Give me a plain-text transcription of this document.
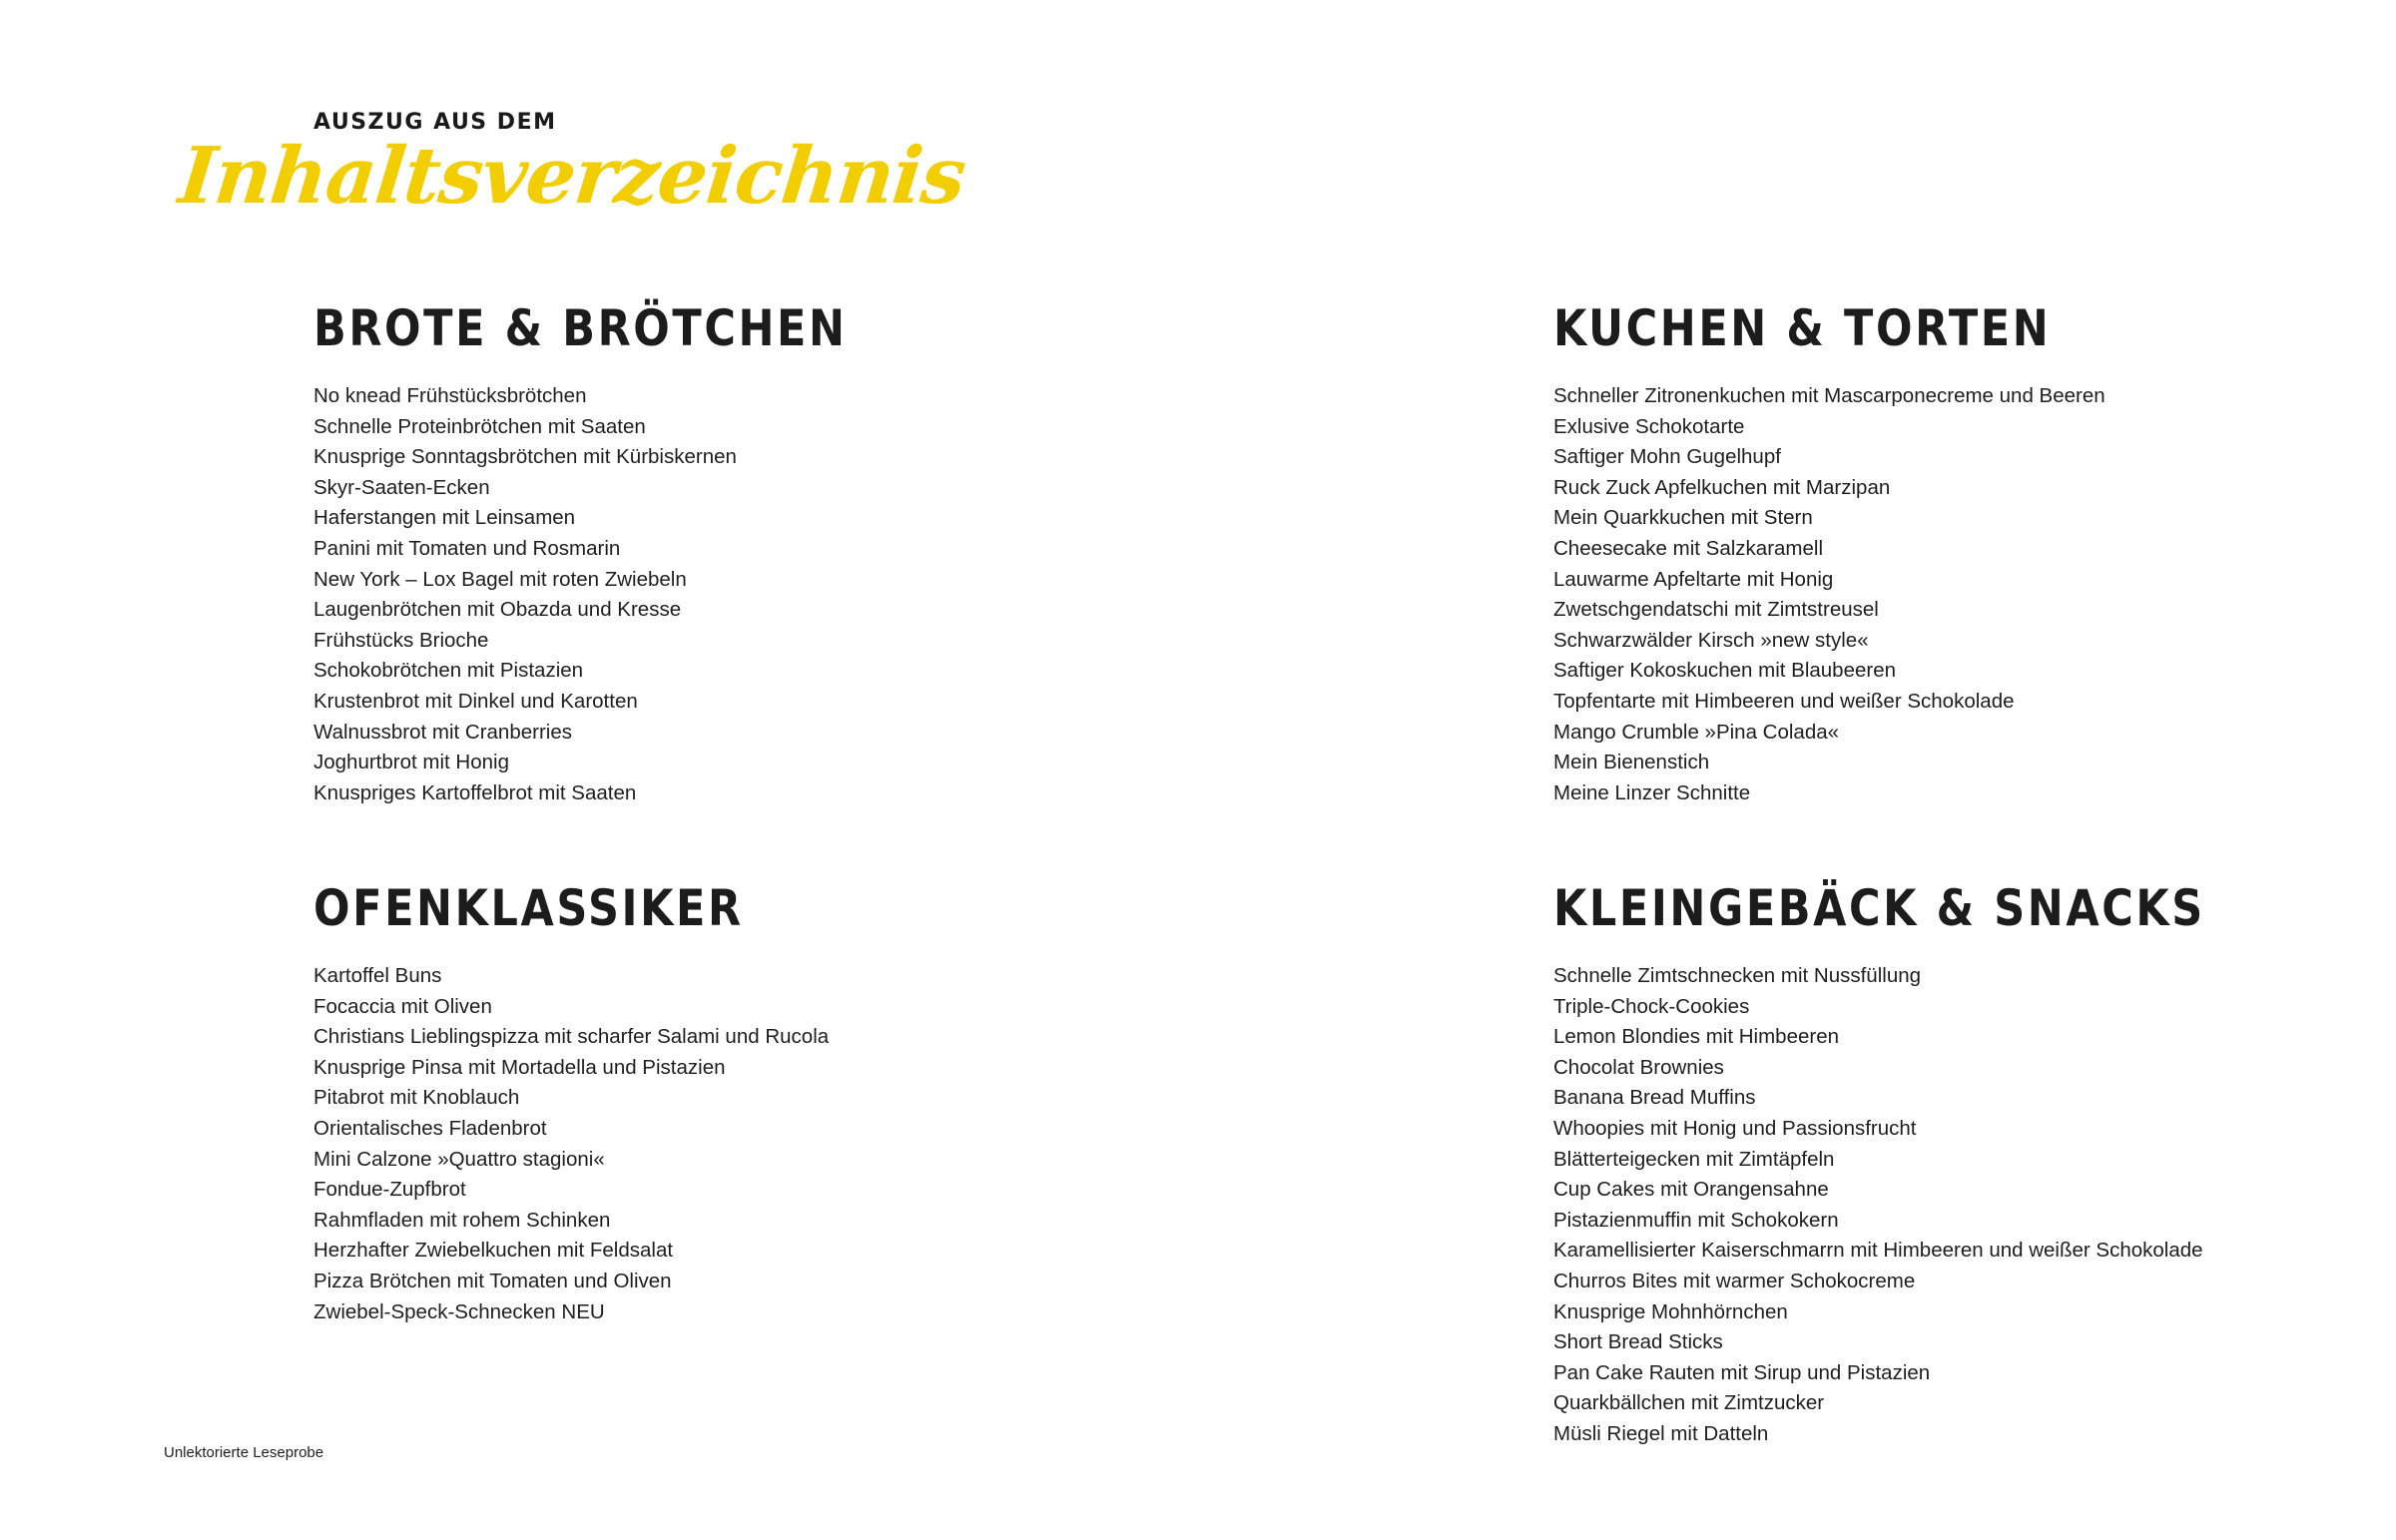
AUSZUG AUS DEM
Inhaltsverzeichnis
BROTE & BRÖTCHEN
No knead Frühstücksbrötchen
Schnelle Proteinbrötchen mit Saaten
Knusprige Sonntagsbrötchen mit Kürbiskernen
Skyr-Saaten-Ecken
Haferstangen mit Leinsamen
Panini mit Tomaten und Rosmarin
New York – Lox Bagel mit roten Zwiebeln
Laugenbrötchen mit Obazda und Kresse
Frühstücks Brioche
Schokobrötchen mit Pistazien
Krustenbrot mit Dinkel und Karotten
Walnussbrot mit Cranberries
Joghurtbrot mit Honig
Knuspriges Kartoffelbrot mit Saaten
KUCHEN & TORTEN
Schneller Zitronenkuchen mit Mascarponecreme und Beeren
Exlusive Schokotarte
Saftiger Mohn Gugelhupf
Ruck Zuck Apfelkuchen mit Marzipan
Mein Quarkkuchen mit Stern
Cheesecake mit Salzkaramell
Lauwarme Apfeltarte mit Honig
Zwetschgendatschi mit Zimtstreusel
Schwarzwälder Kirsch »new style«
Saftiger Kokoskuchen mit Blaubeeren
Topfentarte mit Himbeeren und weißer Schokolade
Mango Crumble »Pina Colada«
Mein Bienenstich
Meine Linzer Schnitte
OFENKLASSIKER
Kartoffel Buns
Focaccia mit Oliven
Christians Lieblingspizza mit scharfer Salami und Rucola
Knusprige Pinsa mit Mortadella und Pistazien
Pitabrot mit Knoblauch
Orientalisches Fladenbrot
Mini Calzone »Quattro stagioni«
Fondue-Zupfbrot
Rahmfladen mit rohem Schinken
Herzhafter Zwiebelkuchen mit Feldsalat
Pizza Brötchen mit Tomaten und Oliven
Zwiebel-Speck-Schnecken NEU
KLEINGEBÄCK & SNACKS
Schnelle Zimtschnecken mit Nussfüllung
Triple-Chock-Cookies
Lemon Blondies mit Himbeeren
Chocolat Brownies
Banana Bread Muffins
Whoopies mit Honig und Passionsfrucht
Blätterteigecken mit Zimtäpfeln
Cup Cakes mit Orangensahne
Pistazienmuffin mit Schokokern
Karamellisierter Kaiserschmarrn mit Himbeeren und weißer Schokolade
Churros Bites mit warmer Schokocreme
Knusprige Mohnhörnchen
Short Bread Sticks
Pan Cake Rauten mit Sirup und Pistazien
Quarkbällchen mit Zimtzucker
Müsli Riegel mit Datteln
Unlektorierte Leseprobe
